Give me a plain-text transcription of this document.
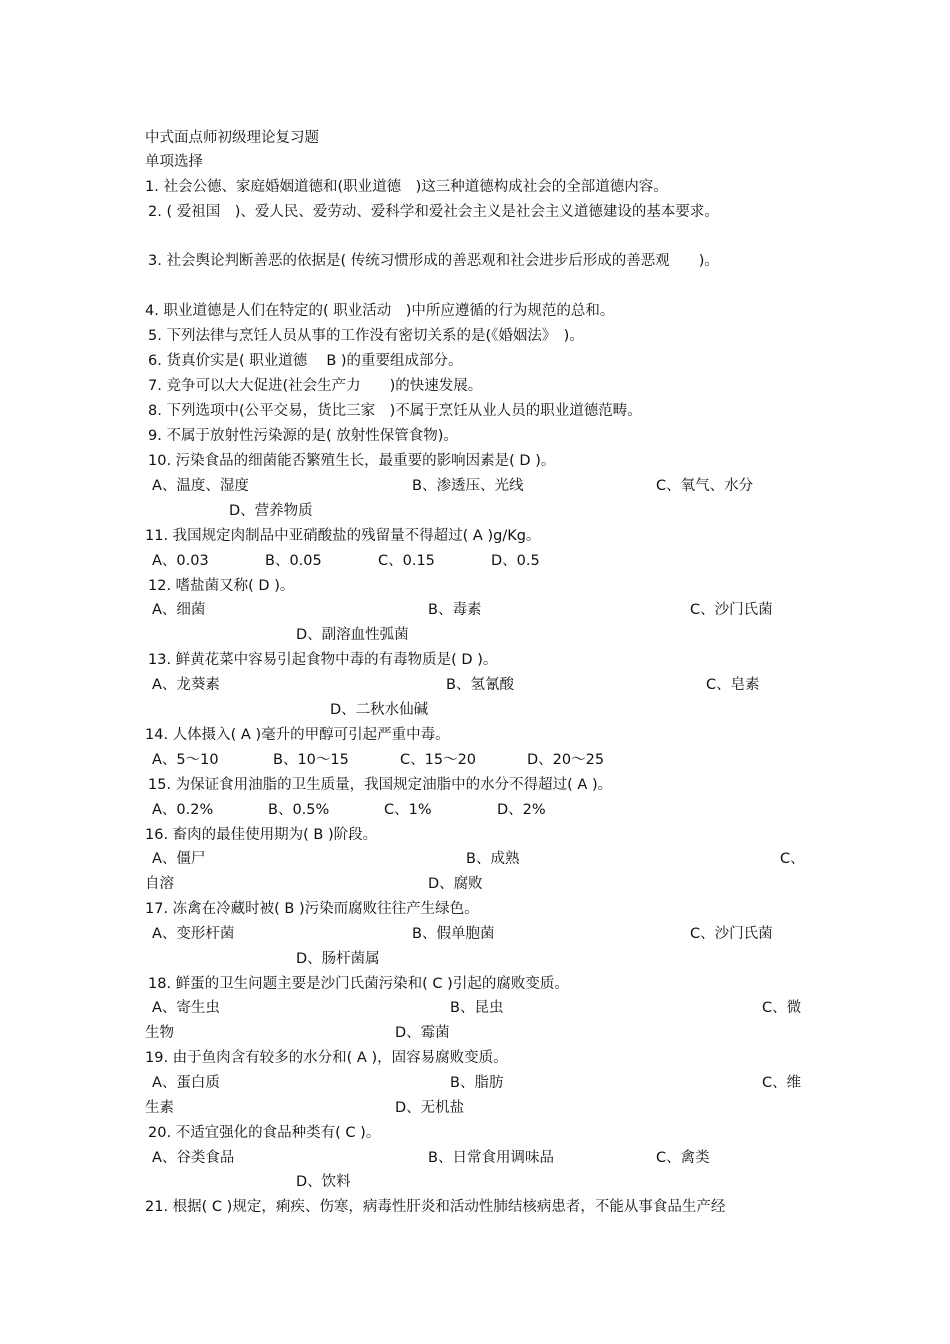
中式面点师初级理论复习题
单项选择
1. 社会公德、家庭婚姻道德和(职业道德　)这三种道德构成社会的全部道德内容。
2. ( 爱祖国　)、爱人民、爱劳动、爱科学和爱社会主义是社会主义道德建设的基本要求。
3. 社会舆论判断善恶的依据是( 传统习惯形成的善恶观和社会进步后形成的善恶观　　)。
4. 职业道德是人们在特定的( 职业活动　)中所应遵循的行为规范的总和。
5. 下列法律与烹饪人员从事的工作没有密切关系的是(《婚姻法》　)。
6. 货真价实是( 职业道德　 B )的重要组成部分。
7. 竞争可以大大促进(社会生产力　　)的快速发展。
8. 下列选项中(公平交易，货比三家　)不属于烹饪从业人员的职业道德范畴。
9. 不属于放射性污染源的是( 放射性保管食物)。
10. 污染食品的细菌能否繁殖生长，最重要的影响因素是( D )。
A、温度、湿度	B、渗透压、光线	C、氧气、水分
D、营养物质
11. 我国规定肉制品中亚硝酸盐的残留量不得超过( A )g/Kg。
A、0.03	B、0.05	C、0.15	D、0.5
12. 嗜盐菌又称( D )。
A、细菌	B、毒素	C、沙门氏菌
D、副溶血性弧菌
13. 鲜黄花菜中容易引起食物中毒的有毒物质是( D )。
A、龙葵素	B、氢氰酸	C、皂素
D、二秋水仙碱
14. 人体摄入( A )毫升的甲醇可引起严重中毒。
A、5～10	B、10～15	C、15～20	D、20～25
15. 为保证食用油脂的卫生质量，我国规定油脂中的水分不得超过( A )。
A、0.2%	B、0.5%	C、1%	D、2%
16. 畜肉的最佳使用期为( B )阶段。
A、僵尸	B、成熟	C、
自溶	D、腐败
17. 冻禽在冷藏时被( B )污染而腐败往往产生绿色。
A、变形杆菌	B、假单胞菌	C、沙门氏菌
D、肠杆菌属
18. 鲜蛋的卫生问题主要是沙门氏菌污染和( C )引起的腐败变质。
A、寄生虫	B、昆虫	C、微
生物	D、霉菌
19. 由于鱼肉含有较多的水分和( A )，固容易腐败变质。
A、蛋白质	B、脂肪	C、维
生素	D、无机盐
20. 不适宜强化的食品种类有( C )。
A、谷类食品	B、日常食用调味品	C、禽类
D、饮料
21. 根据( C )规定，痢疾、伤寒，病毒性肝炎和活动性肺结核病患者，不能从事食品生产经
